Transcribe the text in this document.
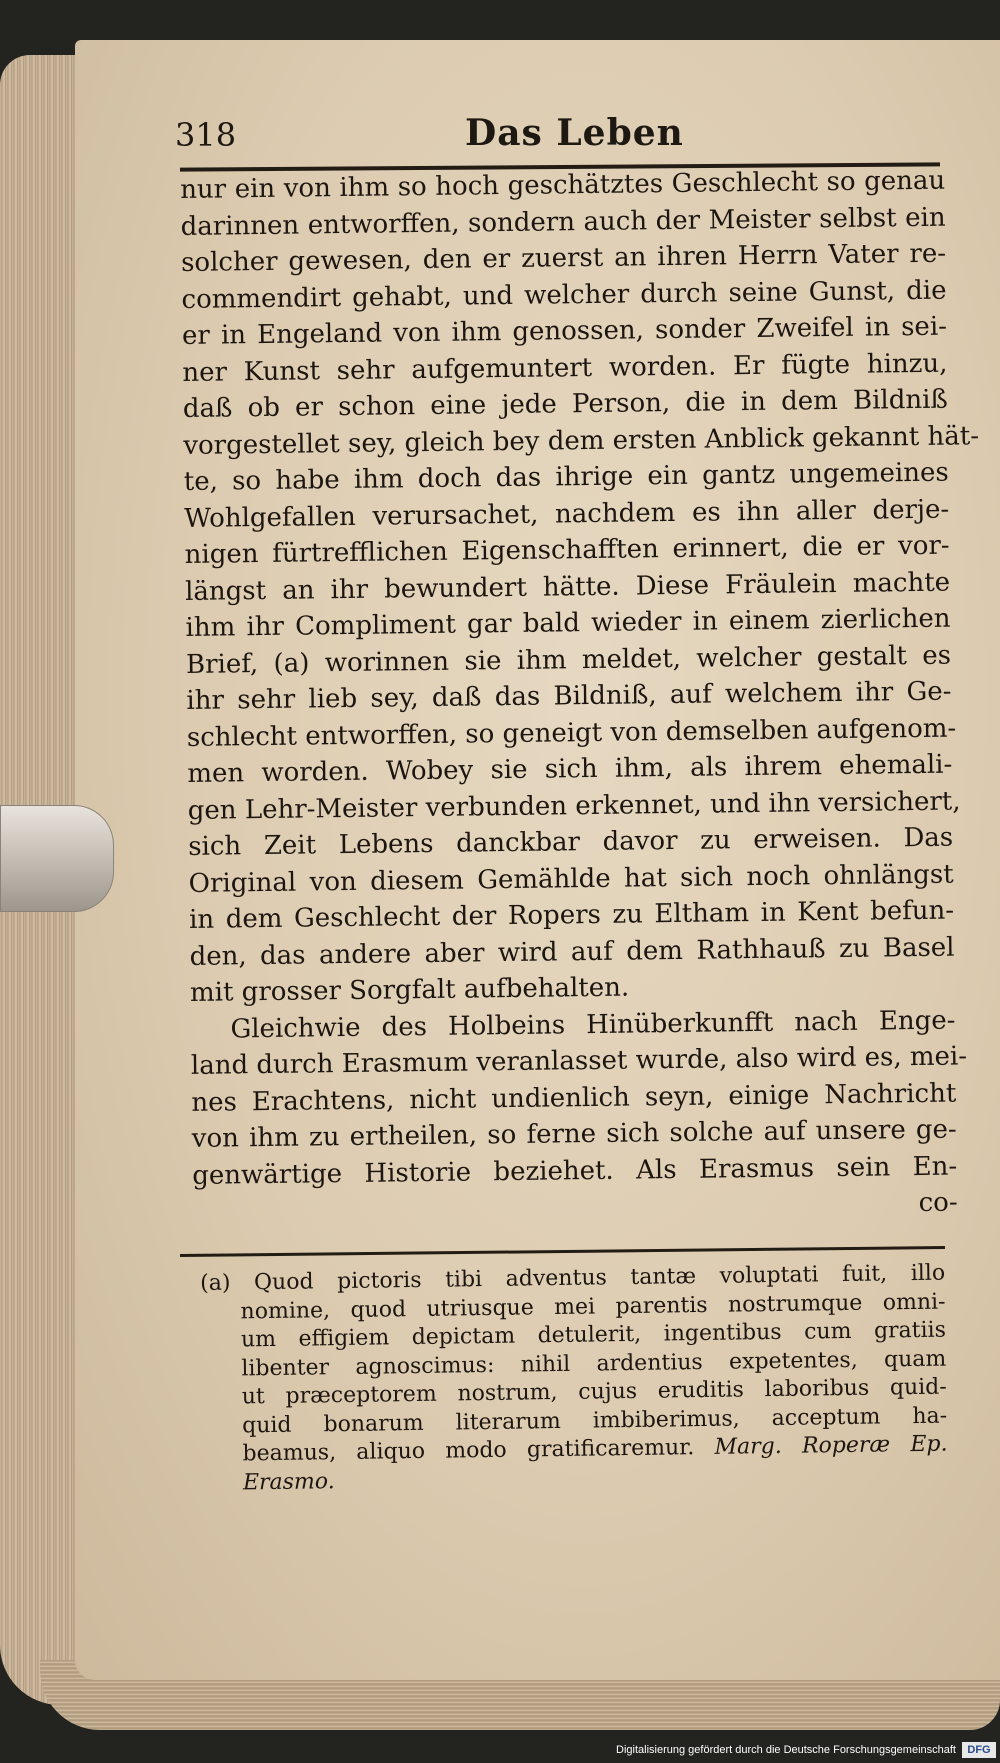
318	Das Leben
nur ein von ihm so hoch geschätztes Geschlecht so genau
darinnen entworffen, sondern auch der Meister selbst ein
solcher gewesen, den er zuerst an ihren Herrn Vater re-
commendirt gehabt, und welcher durch seine Gunst, die
er in Engeland von ihm genossen, sonder Zweifel in sei-
ner Kunst sehr aufgemuntert worden. Er fügte hinzu,
daß ob er schon eine jede Person, die in dem Bildniß
vorgestellet sey, gleich bey dem ersten Anblick gekannt hät-
te, so habe ihm doch das ihrige ein gantz ungemeines
Wohlgefallen verursachet, nachdem es ihn aller derje-
nigen fürtrefflichen Eigenschafften erinnert, die er vor-
längst an ihr bewundert hätte. Diese Fräulein machte
ihm ihr Compliment gar bald wieder in einem zierlichen
Brief, (a) worinnen sie ihm meldet, welcher gestalt es
ihr sehr lieb sey, daß das Bildniß, auf welchem ihr Ge-
schlecht entworffen, so geneigt von demselben aufgenom-
men worden. Wobey sie sich ihm, als ihrem ehemali-
gen Lehr-Meister verbunden erkennet, und ihn versichert,
sich Zeit Lebens danckbar davor zu erweisen. Das
Original von diesem Gemählde hat sich noch ohnlängst
in dem Geschlecht der Ropers zu Eltham in Kent befun-
den, das andere aber wird auf dem Rathhauß zu Basel
mit grosser Sorgfalt aufbehalten.
Gleichwie des Holbeins Hinüberkunfft nach Enge-
land durch Erasmum veranlasset wurde, also wird es, mei-
nes Erachtens, nicht undienlich seyn, einige Nachricht
von ihm zu ertheilen, so ferne sich solche auf unsere ge-
genwärtige Historie beziehet. Als Erasmus sein En-
co-
(a) Quod pictoris tibi adventus tantæ voluptati fuit, illo
nomine, quod utriusque mei parentis nostrumque omni-
um effigiem depictam detulerit, ingentibus cum gratiis
libenter agnoscimus: nihil ardentius expetentes, quam
ut præceptorem nostrum, cujus eruditis laboribus quid-
quid bonarum literarum imbiberimus, acceptum ha-
beamus, aliquo modo gratificaremur. Marg. Roperæ Ep.
Erasmo.
Digitalisierung gefördert durch die Deutsche Forschungsgemeinschaft	DFG
